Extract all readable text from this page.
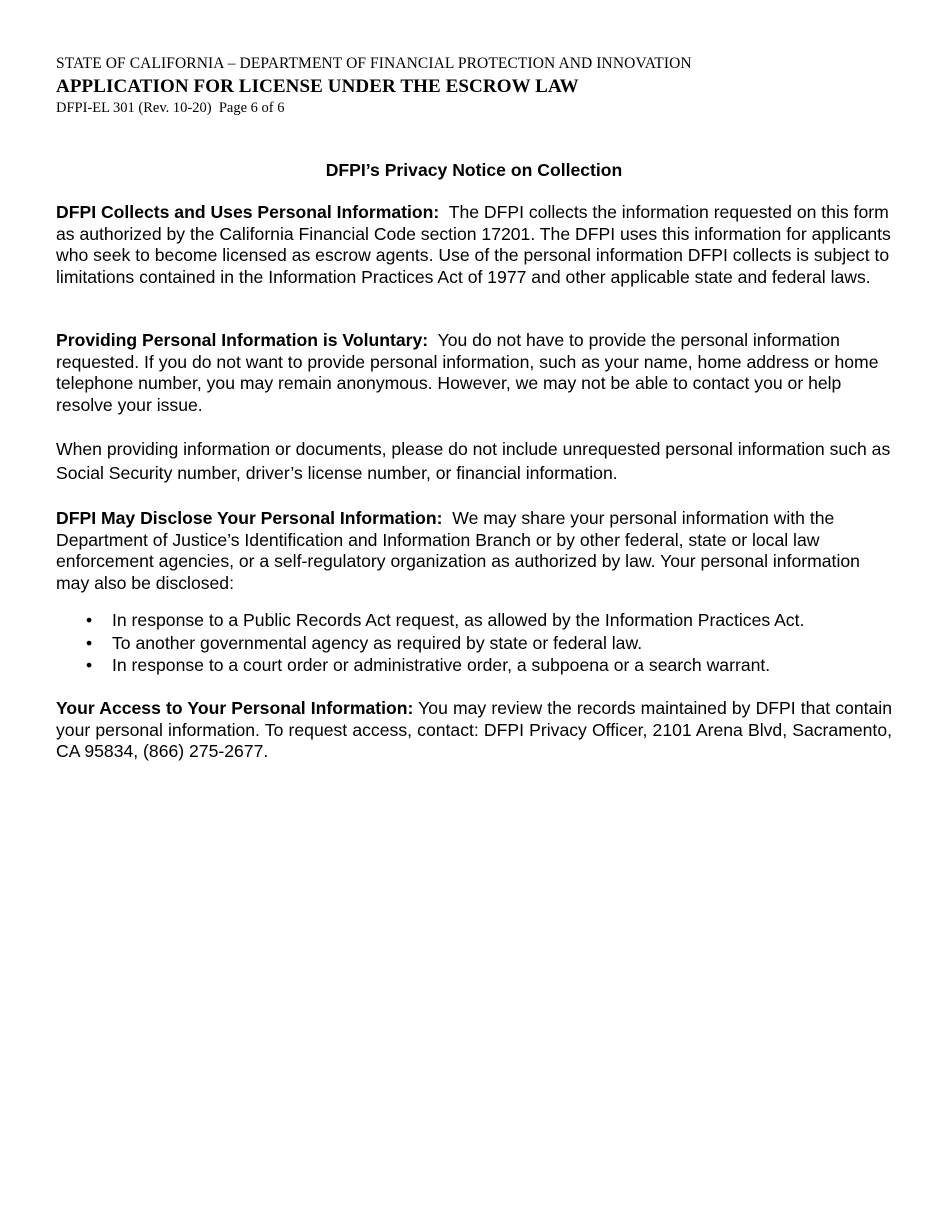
STATE OF CALIFORNIA – DEPARTMENT OF FINANCIAL PROTECTION AND INNOVATION
APPLICATION FOR LICENSE UNDER THE ESCROW LAW
DFPI-EL 301 (Rev. 10-20)  Page 6 of 6
DFPI’s Privacy Notice on Collection
DFPI Collects and Uses Personal Information: The DFPI collects the information requested on this form as authorized by the California Financial Code section 17201. The DFPI uses this information for applicants who seek to become licensed as escrow agents. Use of the personal information DFPI collects is subject to limitations contained in the Information Practices Act of 1977 and other applicable state and federal laws.
Providing Personal Information is Voluntary: You do not have to provide the personal information requested. If you do not want to provide personal information, such as your name, home address or home telephone number, you may remain anonymous. However, we may not be able to contact you or help resolve your issue.
When providing information or documents, please do not include unrequested personal information such as Social Security number, driver’s license number, or financial information.
DFPI May Disclose Your Personal Information: We may share your personal information with the Department of Justice’s Identification and Information Branch or by other federal, state or local law enforcement agencies, or a self-regulatory organization as authorized by law. Your personal information may also be disclosed:
• In response to a Public Records Act request, as allowed by the Information Practices Act.
• To another governmental agency as required by state or federal law.
• In response to a court order or administrative order, a subpoena or a search warrant.
Your Access to Your Personal Information: You may review the records maintained by DFPI that contain your personal information. To request access, contact: DFPI Privacy Officer, 2101 Arena Blvd, Sacramento, CA 95834, (866) 275-2677.
